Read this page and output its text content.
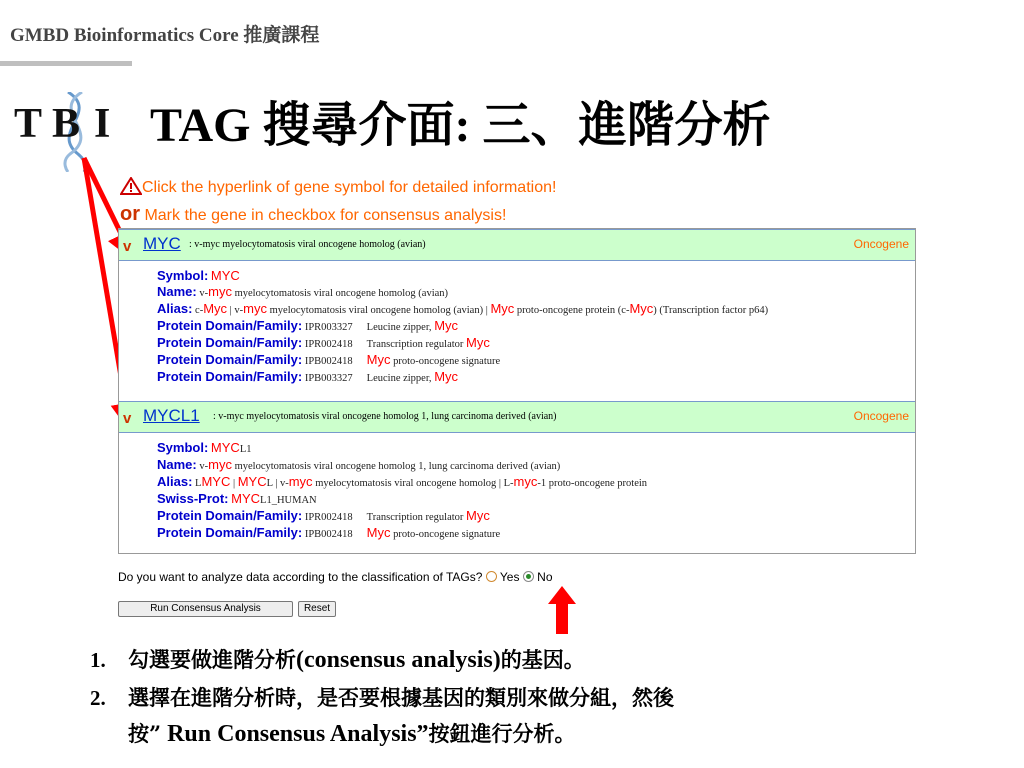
GMBD Bioinformatics Core 推廣課程
T B I TAG 搜尋介面: 三、進階分析
Click the hyperlink of gene symbol for detailed information!
or Mark the gene in checkbox for consensus analysis!
v MYC : v-myc myelocytomatosis viral oncogene homolog (avian)	Oncogene
Symbol: MYC
Name: v-myc myelocytomatosis viral oncogene homolog (avian)
Alias: c-Myc | v-myc myelocytomatosis viral oncogene homolog (avian) | Myc proto-oncogene protein (c-Myc) (Transcription factor p64)
Protein Domain/Family: IPR003327 Leucine zipper, Myc
Protein Domain/Family: IPR002418 Transcription regulator Myc
Protein Domain/Family: IPB002418 Myc proto-oncogene signature
Protein Domain/Family: IPB003327 Leucine zipper, Myc
v MYCL1 : v-myc myelocytomatosis viral oncogene homolog 1, lung carcinoma derived (avian)	Oncogene
Symbol: MYCL1
Name: v-myc myelocytomatosis viral oncogene homolog 1, lung carcinoma derived (avian)
Alias: LMYC | MYCL | v-myc myelocytomatosis viral oncogene homolog | L-myc-1 proto-oncogene protein
Swiss-Prot: MYCL1_HUMAN
Protein Domain/Family: IPR002418 Transcription regulator Myc
Protein Domain/Family: IPB002418 Myc proto-oncogene signature
Do you want to analyze data according to the classification of TAGs? Yes No
Run Consensus Analysis	Reset
1. 勾選要做進階分析(consensus analysis)的基因。
2. 選擇在進階分析時，是否要根據基因的類別來做分組，然後
按” Run Consensus Analysis”按鈕進行分析。
